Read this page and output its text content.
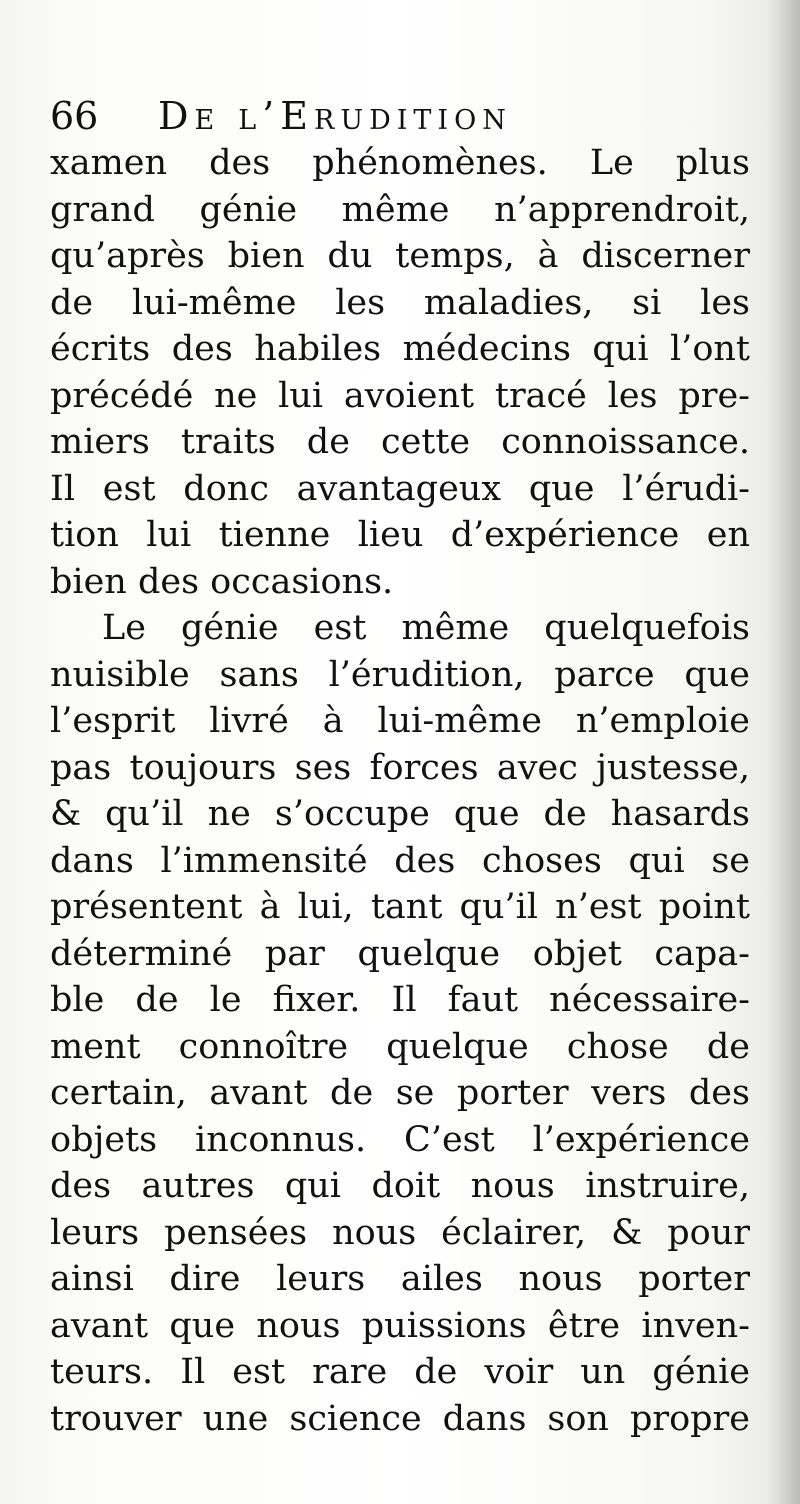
66 De l’Erudition
xamen des phénomènes. Le plus
grand génie même n’apprendroit,
qu’après bien du temps, à discerner
de lui-même les maladies, si les
écrits des habiles médecins qui l’ont
précédé ne lui avoient tracé les pre-
miers traits de cette connoissance.
Il est donc avantageux que l’érudi-
tion lui tienne lieu d’expérience en
bien des occasions.
Le génie est même quelquefois
nuisible sans l’érudition, parce que
l’esprit livré à lui-même n’emploie
pas toujours ses forces avec justesse,
& qu’il ne s’occupe que de hasards
dans l’immensité des choses qui se
présentent à lui, tant qu’il n’est point
déterminé par quelque objet capa-
ble de le fixer. Il faut nécessaire-
ment connoître quelque chose de
certain, avant de se porter vers des
objets inconnus. C’est l’expérience
des autres qui doit nous instruire,
leurs pensées nous éclairer, & pour
ainsi dire leurs ailes nous porter
avant que nous puissions être inven-
teurs. Il est rare de voir un génie
trouver une science dans son propre
